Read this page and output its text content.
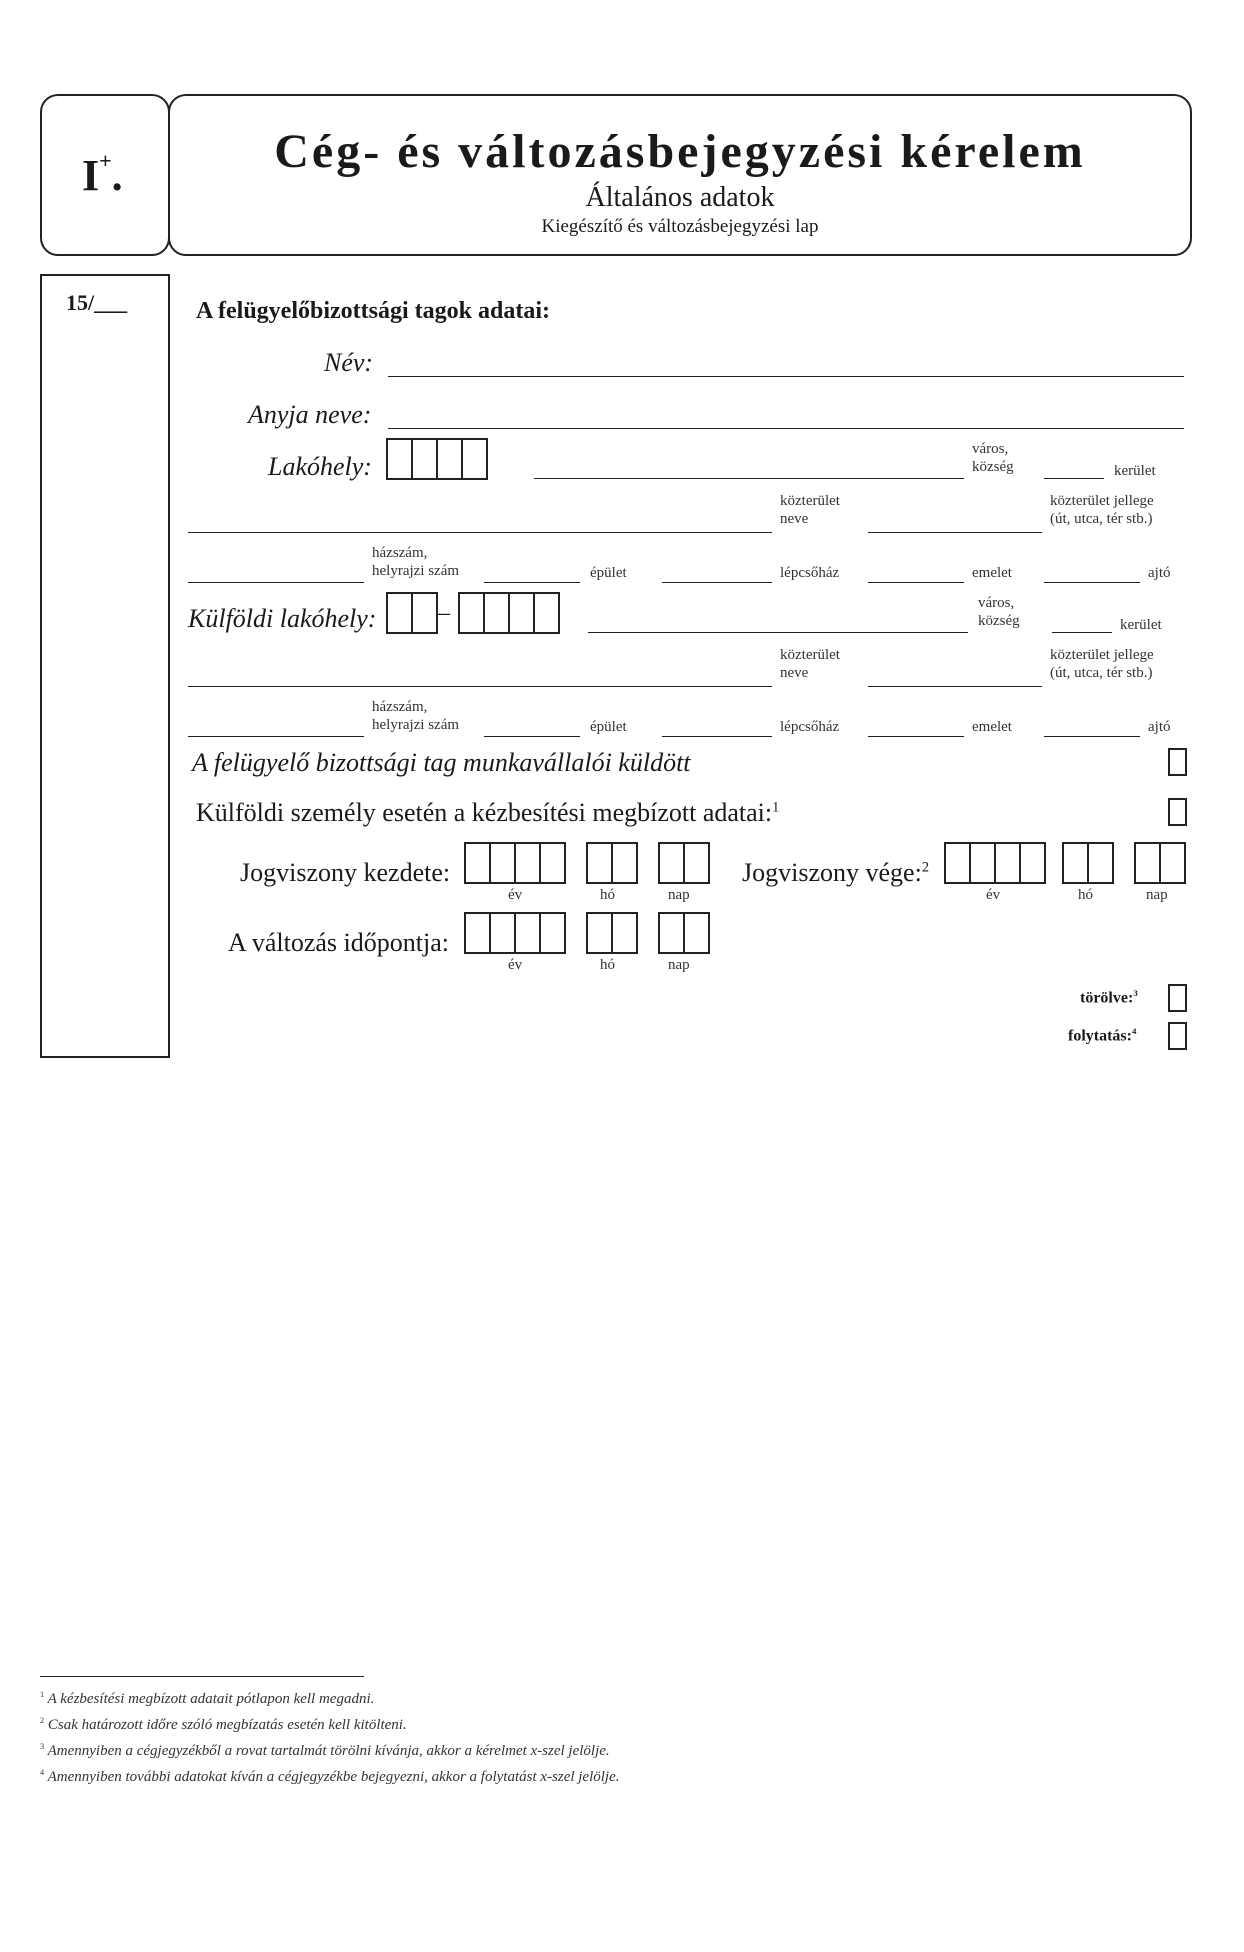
I+.	Cég- és változásbejegyzési kérelem
Általános adatok
Kiegészítő és változásbejegyzési lap
15/___	A felügyelőbizottsági tagok adatai:
Név:
Anyja neve:
Lakóhely:
város,
község	kerület
közterület
neve
közterület jellege
(út, utca, tér stb.)
házszám,
helyrajzi szám	épület	lépcsőház	emelet	ajtó
Külföldi lakóhely:	–	város,
község	kerület
közterület
neve
közterület jellege
(út, utca, tér stb.)
házszám,
helyrajzi szám	épület	lépcsőház	emelet	ajtó
A felügyelő bizottsági tag munkavállalói küldött
Külföldi személy esetén a kézbesítési megbízott adatai:$^1$
Jogviszony kezdete:
év	hó	nap
Jogviszony vége:$^2$
év	hó	nap
A változás időpontja:
év	hó	nap
törölve:$^3$
folytatás:$^4$
$^1$ A kézbesítési megbízott adatait pótlapon kell megadni.
$^2$ Csak határozott időre szóló megbízatás esetén kell kitölteni.
$^3$ Amennyiben a cégjegyzékből a rovat tartalmát törölni kívánja, akkor a kérelmet x-szel jelölje.
$^4$ Amennyiben további adatokat kíván a cégjegyzékbe bejegyezni, akkor a folytatást x-szel jelölje.
